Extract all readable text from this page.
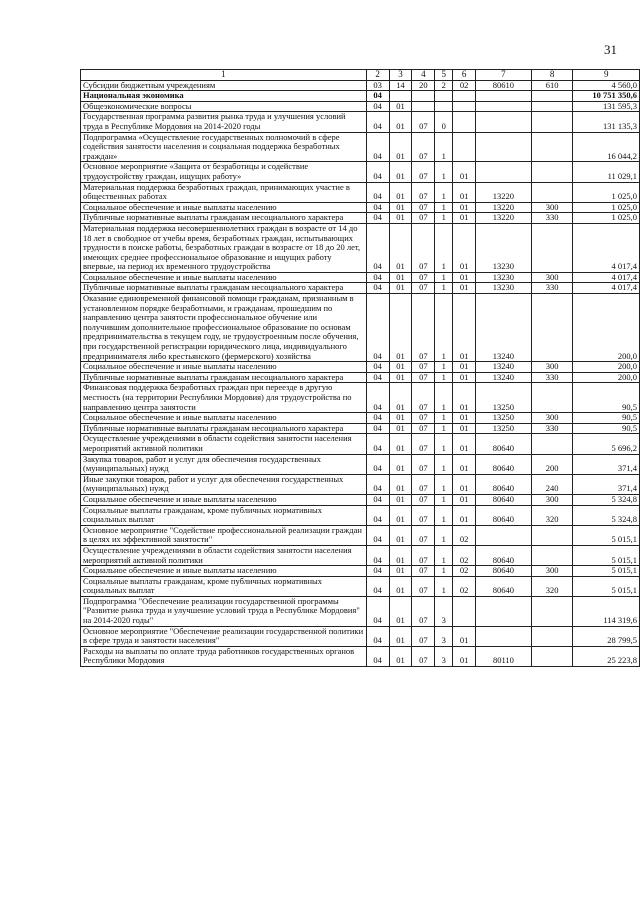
31
1	2	3	4	5	6	7	8	9
Субсидии бюджетным учреждениям	03	14	20	2	02	80610	610	4 560,0
Национальная экономика	04							10 751 350,6
Общеэкономические вопросы	04	01						131 595,3
Государственная программа развития рынка труда и улучшения условий труда в Республике Мордовия на 2014-2020 годы	04	01	07	0				131 135,3
Подпрограмма «Осуществление государственных полномочий в сфере содействия занятости населения и социальная поддержка безработных граждан»	04	01	07	1				16 044,2
Основное мероприятие «Защита от безработицы и содействие трудоустройству граждан, ищущих работу»	04	01	07	1	01			11 029,1
Материальная поддержка безработных граждан, принимающих участие в общественных работах	04	01	07	1	01	13220		1 025,0
Социальное обеспечение и иные выплаты населению	04	01	07	1	01	13220	300	1 025,0
Публичные нормативные выплаты гражданам несоциального характера	04	01	07	1	01	13220	330	1 025,0
Материальная поддержка несовершеннолетних граждан в возрасте от 14 до 18 лет в свободное от учебы время, безработных граждан, испытывающих трудности в поиске работы, безработных граждан в возрасте от 18 до 20 лет, имеющих среднее профессиональное образование и ищущих работу впервые, на период их временного трудоустройства	04	01	07	1	01	13230		4 017,4
Социальное обеспечение и иные выплаты населению	04	01	07	1	01	13230	300	4 017,4
Публичные нормативные выплаты гражданам несоциального характера	04	01	07	1	01	13230	330	4 017,4
Оказание единовременной финансовой помощи гражданам, признанным в установленном порядке безработными, и гражданам, прошедшим по направлению центра занятости профессиональное обучение или получившим дополнительное профессиональное образование по основам предпринимательства в текущем году, не трудоустроенным после обучения, при государственной регистрации юридического лица, индивидуального предпринимателя либо крестьянского (фермерского) хозяйства	04	01	07	1	01	13240		200,0
Социальное обеспечение и иные выплаты населению	04	01	07	1	01	13240	300	200,0
Публичные нормативные выплаты гражданам несоциального характера	04	01	07	1	01	13240	330	200,0
Финансовая поддержка безработных граждан при переезде в другую местность (на территории Республики Мордовия) для трудоустройства по направлению центра занятости	04	01	07	1	01	13250		90,5
Социальное обеспечение и иные выплаты населению	04	01	07	1	01	13250	300	90,5
Публичные нормативные выплаты гражданам несоциального характера	04	01	07	1	01	13250	330	90,5
Осуществление учреждениями в области содействия занятости населения мероприятий активной политики	04	01	07	1	01	80640		5 696,2
Закупка товаров, работ и услуг для обеспечения государственных (муниципальных) нужд	04	01	07	1	01	80640	200	371,4
Иные закупки товаров, работ и услуг для обеспечения государственных (муниципальных) нужд	04	01	07	1	01	80640	240	371,4
Социальное обеспечение и иные выплаты населению	04	01	07	1	01	80640	300	5 324,8
Социальные выплаты гражданам, кроме публичных нормативных социальных выплат	04	01	07	1	01	80640	320	5 324,8
Основное мероприятие "Содействие профессиональной реализации граждан в целях их эффективной занятости"	04	01	07	1	02			5 015,1
Осуществление учреждениями в области содействия занятости населения мероприятий активной политики	04	01	07	1	02	80640		5 015,1
Социальное обеспечение и иные выплаты населению	04	01	07	1	02	80640	300	5 015,1
Социальные выплаты гражданам, кроме публичных нормативных социальных выплат	04	01	07	1	02	80640	320	5 015,1
Подпрограмма "Обеспечение реализации государственной программы "Развитие рынка труда и улучшение условий труда в Республике Мордовия" на 2014-2020 годы"	04	01	07	3				114 319,6
Основное мероприятие "Обеспечение реализации государственной политики в сфере труда и занятости населения"	04	01	07	3	01			28 799,5
Расходы на выплаты по оплате труда работников государственных органов Республики Мордовия	04	01	07	3	01	80110		25 223,8
